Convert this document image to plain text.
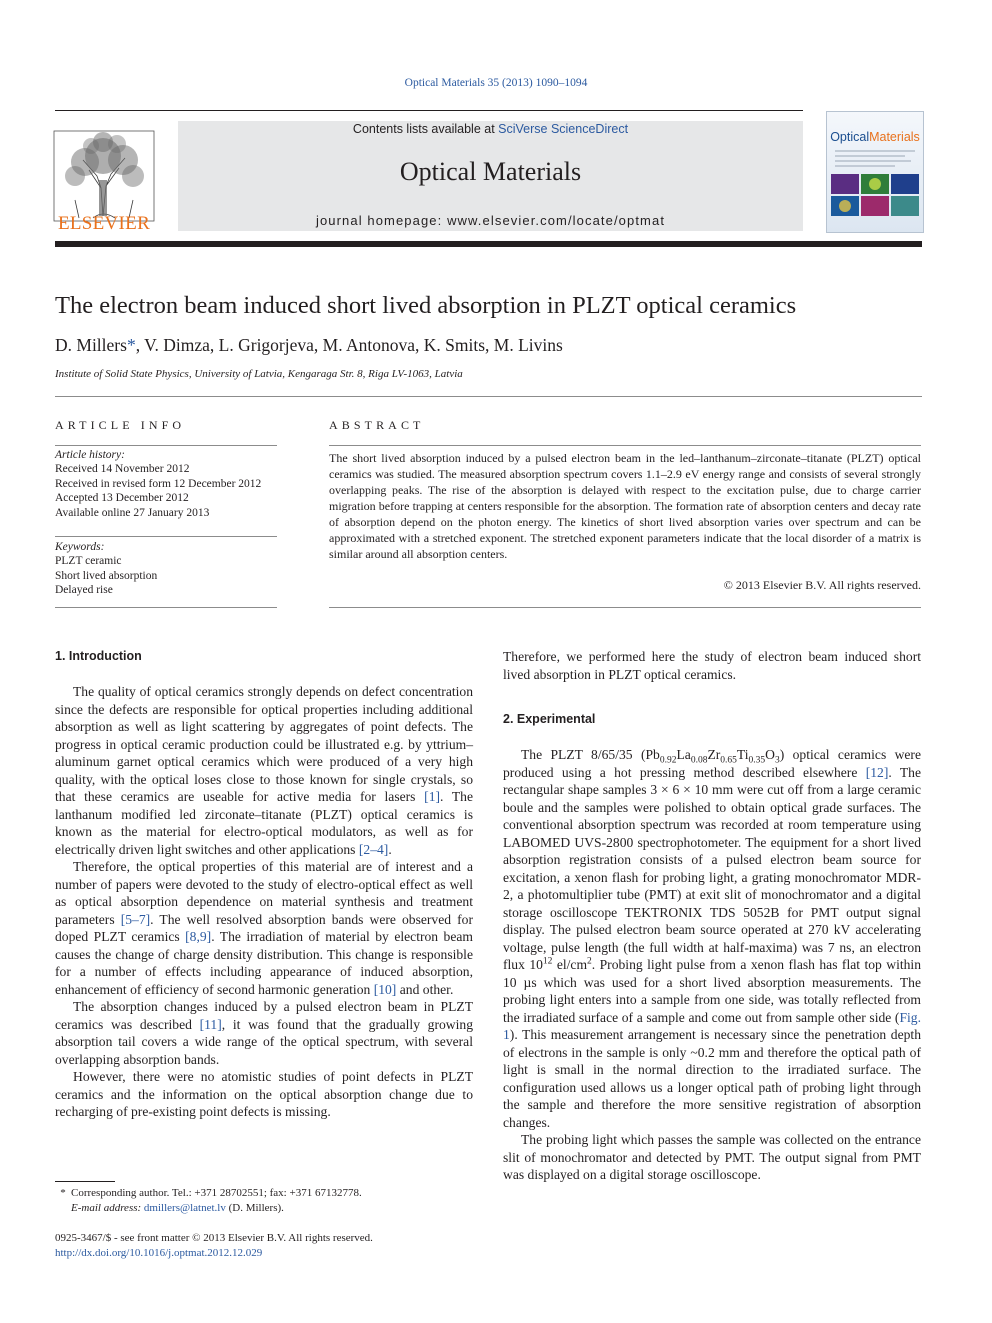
Optical Materials 35 (2013) 1090–1094
ELSEVIER
Contents lists available at SciVerse ScienceDirect
Optical Materials
journal homepage: www.elsevier.com/locate/optmat
OpticalMaterials
The electron beam induced short lived absorption in PLZT optical ceramics
D. Millers*, V. Dimza, L. Grigorjeva, M. Antonova, K. Smits, M. Livins
Institute of Solid State Physics, University of Latvia, Kengaraga Str. 8, Riga LV-1063, Latvia
ARTICLE INFO
Article history:
Received 14 November 2012
Received in revised form 12 December 2012
Accepted 13 December 2012
Available online 27 January 2013
Keywords:
PLZT ceramic
Short lived absorption
Delayed rise
ABSTRACT

The short lived absorption induced by a pulsed electron beam in the led–lanthanum–zirconate–titanate (PLZT) optical ceramics was studied. The measured absorption spectrum covers 1.1–2.9 eV energy range and consists of several strongly overlapping peaks. The rise of the absorption is delayed with respect to the excitation pulse, due to charge carrier migration before trapping at centers responsible for the absorption. The formation rate of absorption centers and decay rate of absorption depend on the photon energy. The kinetics of short lived absorption varies over spectrum and can be approximated with a stretched exponent. The stretched exponent parameters indicate that the local disorder of a matrix is similar around all absorption centers.

© 2013 Elsevier B.V. All rights reserved.
1. Introduction

The quality of optical ceramics strongly depends on defect concentration since the defects are responsible for optical properties including additional absorption as well as light scattering by aggregates of point defects. The progress in optical ceramic production could be illustrated e.g. by yttrium–aluminum garnet optical ceramics which were produced of a very high quality, with the optical loses close to those known for single crystals, so that these ceramics are useable for active media for lasers [1]. The lanthanum modified led zirconate–titanate (PLZT) optical ceramics is known as the material for electro-optical modulators, as well as for electrically driven light switches and other applications [2–4].

Therefore, the optical properties of this material are of interest and a number of papers were devoted to the study of electro-optical effect as well as optical absorption dependence on material synthesis and treatment parameters [5–7]. The well resolved absorption bands were observed for doped PLZT ceramics [8,9]. The irradiation of material by electron beam causes the change of charge density distribution. This change is responsible for a number of effects including appearance of induced absorption, enhancement of efficiency of second harmonic generation [10] and other.

The absorption changes induced by a pulsed electron beam in PLZT ceramics was described [11], it was found that the gradually growing absorption tail covers a wide range of the optical spectrum, with several overlapping absorption bands.

However, there were no atomistic studies of point defects in PLZT ceramics and the information on the optical absorption change due to recharging of pre-existing point defects is missing.

* Corresponding author. Tel.: +371 28702551; fax: +371 67132778.
E-mail address: dmillers@latnet.lv (D. Millers).
0925-3467/$ - see front matter © 2013 Elsevier B.V. All rights reserved.
http://dx.doi.org/10.1016/j.optmat.2012.12.029

Therefore, we performed here the study of electron beam induced short lived absorption in PLZT optical ceramics.

2. Experimental

The PLZT 8/65/35 $(Pb_{0.92}La_{0.08}Zr_{0.65}Ti_{0.35}O_3)$ optical ceramics were produced using a hot pressing method described elsewhere [12]. The rectangular shape samples 3 × 6 × 10 mm were cut off from a large ceramic boule and the samples were polished to obtain optical grade surfaces. The conventional absorption spectrum was recorded at room temperature using LABOMED UVS-2800 spectrophotometer. The equipment for a short lived absorption registration consists of a pulsed electron beam source for excitation, a xenon flash for probing light, a grating monochromator MDR-2, a photomultiplier tube (PMT) at exit slit of monochromator and a digital storage oscilloscope TEKTRONIX TDS 5052B for PMT output signal display. The pulsed electron beam source operated at 270 kV accelerating voltage, pulse length (the full width at half-maxima) was 7 ns, an electron flux $10^{12}$ $el/cm^2$. Probing light pulse from a xenon flash has flat top within 10 µs which was used for a short lived absorption measurements. The probing light enters into a sample from one side, was totally reflected from the irradiated surface of a sample and come out from sample other side (Fig. 1). This measurement arrangement is necessary since the penetration depth of electrons in the sample is only ~0.2 mm and therefore the optical path of light is small in the normal direction to the irradiated surface. The configuration used allows us a longer optical path of probing light through the sample and therefore the more sensitive registration of absorption changes.

The probing light which passes the sample was collected on the entrance slit of monochromator and detected by PMT. The output signal from PMT was displayed on a digital storage oscilloscope.
